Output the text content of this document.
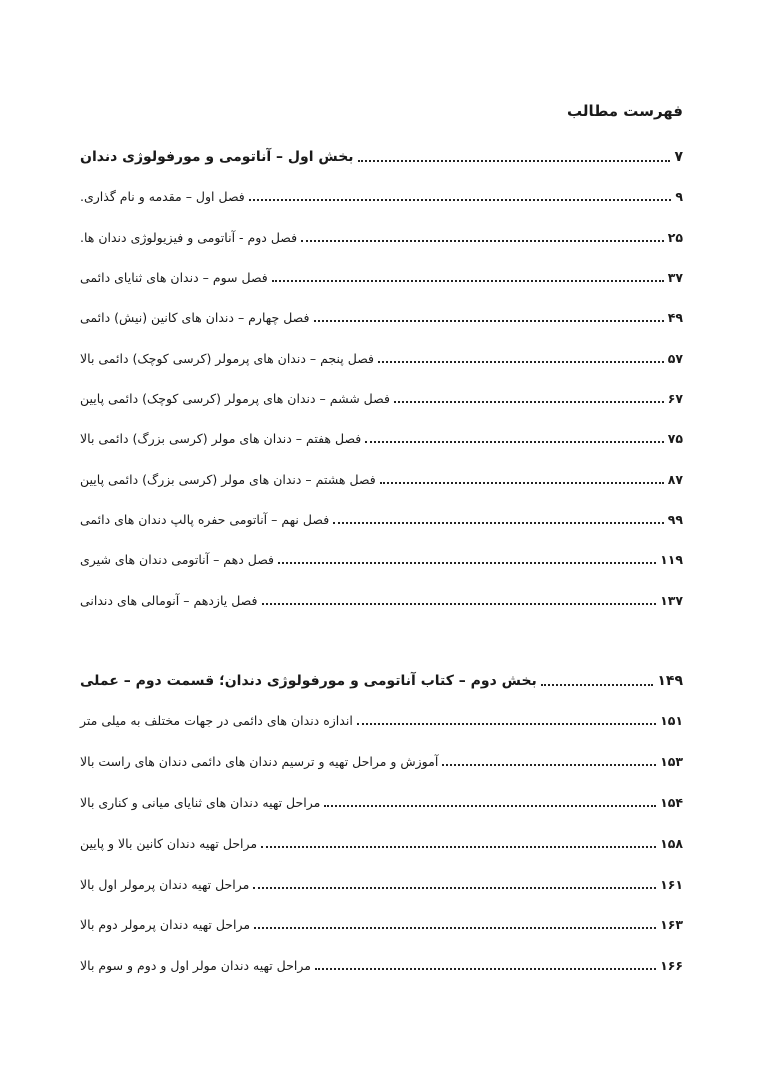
فهرست مطالب
بخش اول – آناتومی و مورفولوژی دندان	۷
فصل اول – مقدمه و نام گذاری.	۹
فصل دوم - آناتومی و فیزیولوژی دندان ها.	۲۵
فصل سوم – دندان های ثنایای دائمی	۳۷
فصل چهارم – دندان های کانین (نیش) دائمی	۴۹
فصل پنجم – دندان های پرمولر (کرسی کوچک) دائمی بالا	۵۷
فصل ششم – دندان های پرمولر (کرسی کوچک) دائمی پایین	۶۷
فصل هفتم – دندان های مولر (کرسی بزرگ) دائمی بالا	۷۵
فصل هشتم – دندان های مولر (کرسی بزرگ) دائمی پایین	۸۷
فصل نهم – آناتومی حفره پالپ دندان های دائمی	۹۹
فصل دهم – آناتومی دندان های شیری	۱۱۹
فصل یازدهم – آنومالی های دندانی	۱۳۷
بخش دوم – کتاب آناتومی و مورفولوژی دندان؛ قسمت دوم – عملی	۱۴۹
اندازه دندان های دائمی در جهات مختلف به میلی متر	۱۵۱
آموزش و مراحل تهیه و ترسیم دندان های دائمی دندان های راست بالا	۱۵۳
مراحل تهیه دندان های ثنایای میانی و کناری بالا	۱۵۴
مراحل تهیه دندان کانین بالا و پایین	۱۵۸
مراحل تهیه دندان پرمولر اول بالا	۱۶۱
مراحل تهیه دندان پرمولر دوم بالا	۱۶۳
مراحل تهیه دندان مولر اول و دوم و سوم بالا	۱۶۶
